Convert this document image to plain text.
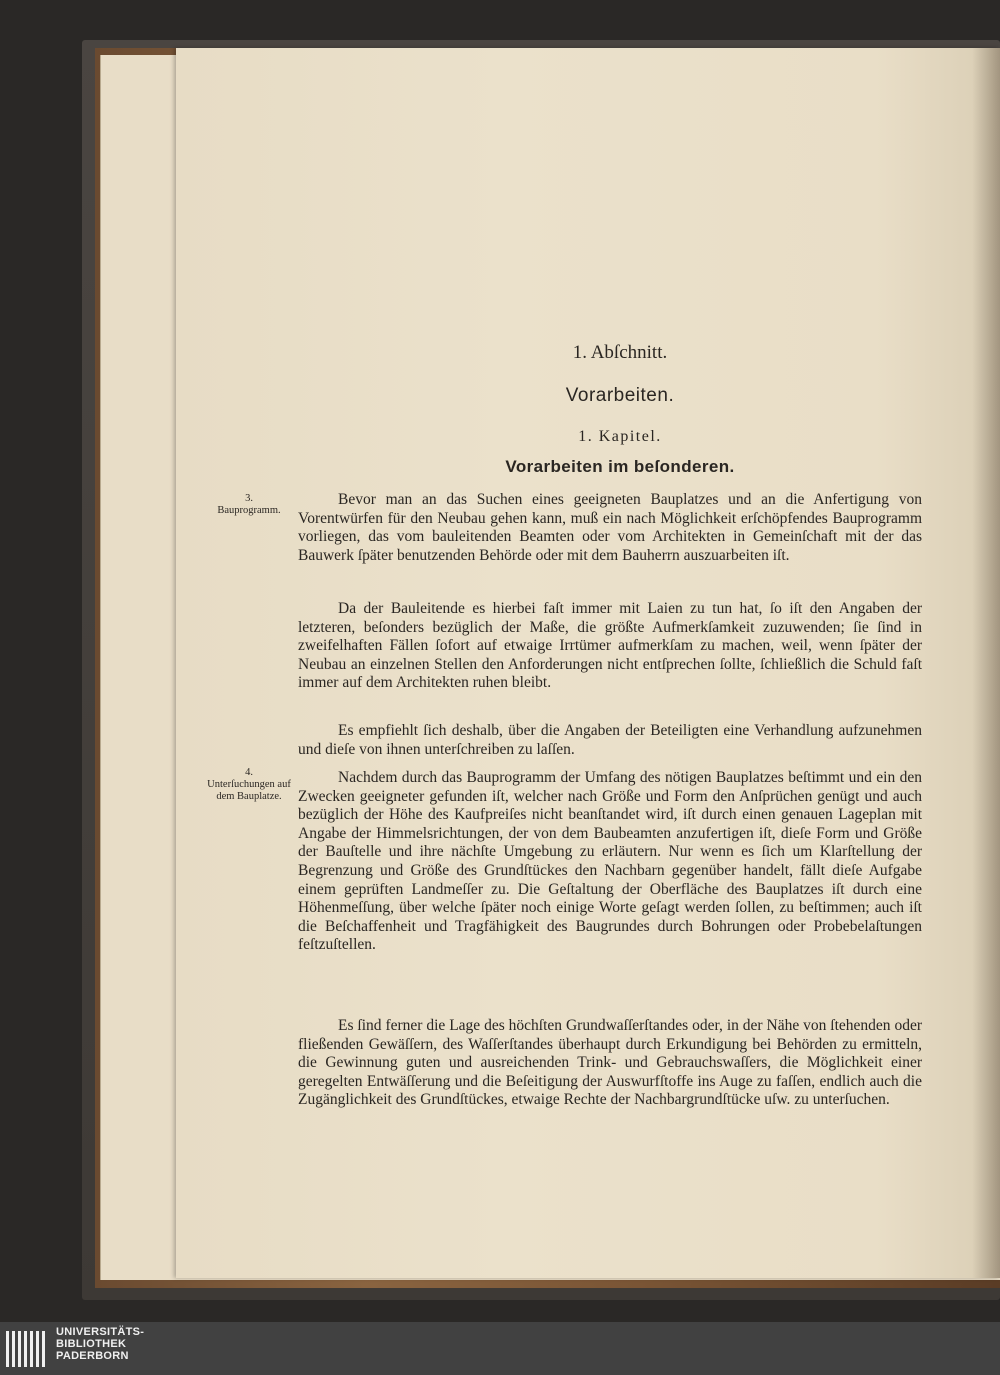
1. Abſchnitt.
Vorarbeiten.
1. Kapitel.
Vorarbeiten im beſonderen.
3.
Bauprogramm.
4.
Unterſuchungen auf dem Bauplatze.

Bevor man an das Suchen eines geeigneten Bauplatzes und an die Anfertigung von Vorentwürfen für den Neubau gehen kann, muß ein nach Möglichkeit erſchöpfendes Bauprogramm vorliegen, das vom bauleitenden Beamten oder vom Architekten in Gemeinſchaft mit der das Bauwerk ſpäter benutzenden Behörde oder mit dem Bauherrn auszuarbeiten iſt.

Da der Bauleitende es hierbei faſt immer mit Laien zu tun hat, ſo iſt den Angaben der letzteren, beſonders bezüglich der Maße, die größte Aufmerkſamkeit zuzuwenden; ſie ſind in zweifelhaften Fällen ſofort auf etwaige Irrtümer aufmerkſam zu machen, weil, wenn ſpäter der Neubau an einzelnen Stellen den Anforderungen nicht entſprechen ſollte, ſchließlich die Schuld faſt immer auf dem Architekten ruhen bleibt.

Es empfiehlt ſich deshalb, über die Angaben der Beteiligten eine Verhandlung aufzunehmen und dieſe von ihnen unterſchreiben zu laſſen.

Nachdem durch das Bauprogramm der Umfang des nötigen Bauplatzes beſtimmt und ein den Zwecken geeigneter gefunden iſt, welcher nach Größe und Form den Anſprüchen genügt und auch bezüglich der Höhe des Kaufpreiſes nicht beanſtandet wird, iſt durch einen genauen Lageplan mit Angabe der Himmelsrichtungen, der von dem Baubeamten anzufertigen iſt, dieſe Form und Größe der Bauſtelle und ihre nächſte Umgebung zu erläutern. Nur wenn es ſich um Klarſtellung der Begrenzung und Größe des Grundſtückes den Nachbarn gegenüber handelt, fällt dieſe Aufgabe einem geprüften Landmeſſer zu. Die Geſtaltung der Oberfläche des Bauplatzes iſt durch eine Höhenmeſſung, über welche ſpäter noch einige Worte geſagt werden ſollen, zu beſtimmen; auch iſt die Beſchaffenheit und Tragfähigkeit des Baugrundes durch Bohrungen oder Probebelaſtungen feſtzuſtellen.

Es ſind ferner die Lage des höchſten Grundwaſſerſtandes oder, in der Nähe von ſtehenden oder fließenden Gewäſſern, des Waſſerſtandes überhaupt durch Erkundigung bei Behörden zu ermitteln, die Gewinnung guten und ausreichenden Trink- und Gebrauchswaſſers, die Möglichkeit einer geregelten Entwäſſerung und die Beſeitigung der Auswurfſtoffe ins Auge zu faſſen, endlich auch die Zugänglichkeit des Grundſtückes, etwaige Rechte der Nachbargrundſtücke uſw. zu unterſuchen.

UNIVERSITÄTS-
BIBLIOTHEK
PADERBORN
